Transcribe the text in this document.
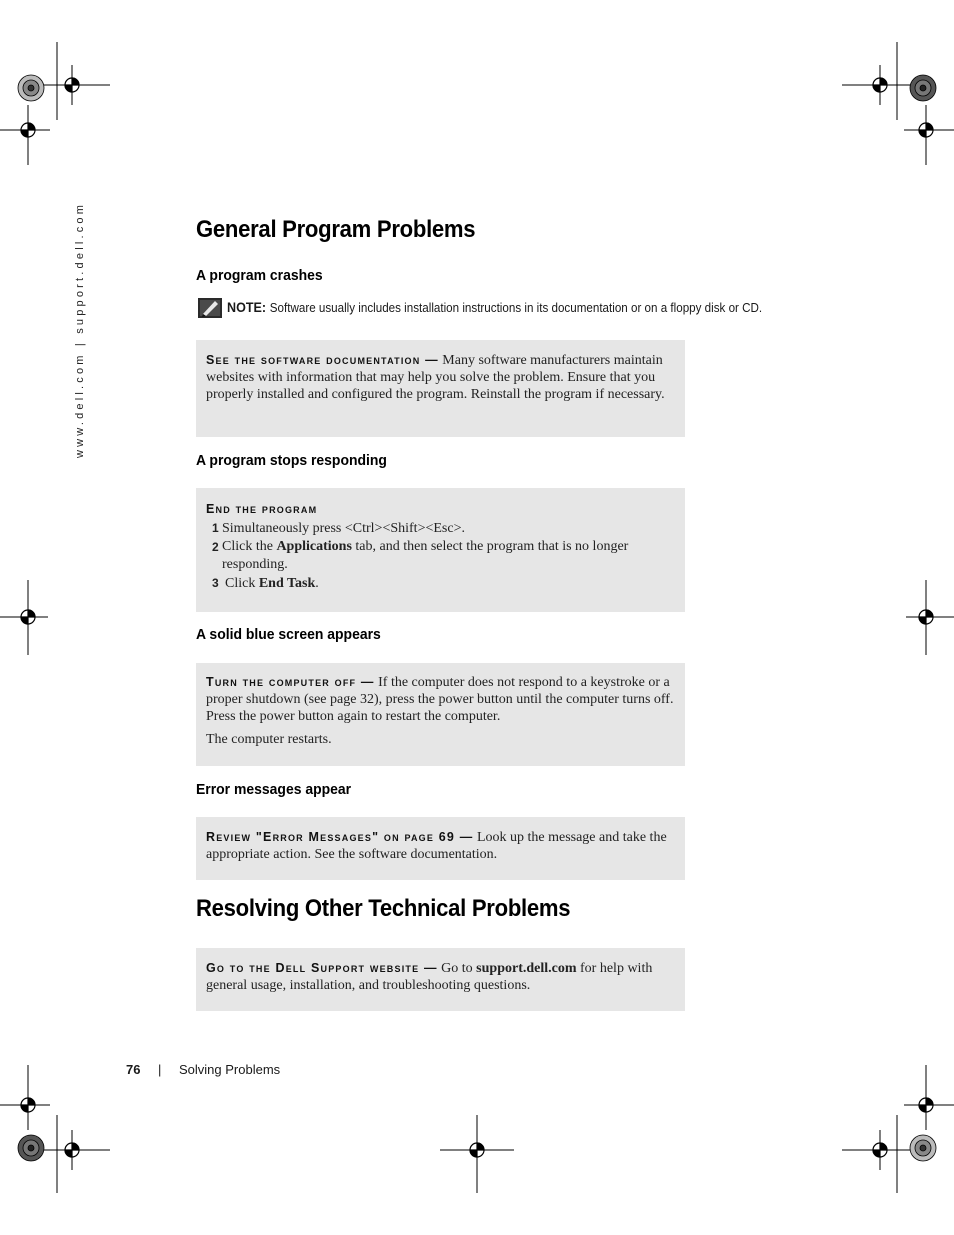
www.dell.com | support.dell.com	General Program Problems
A program crashes
NOTE: Software usually includes installation instructions in its documentation or on a floppy disk or CD.

See the software documentation — Many software manufacturers maintain websites with information that may help you solve the problem. Ensure that you properly installed and configured the program. Reinstall the program if necessary.

A program stops responding

End the program

1 Simultaneously press <Ctrl><Shift><Esc>.
2 Click the Applications tab, and then select the program that is no longer responding.
3 Click End Task.
A solid blue screen appears

Turn the computer off — If the computer does not respond to a keystroke or a proper shutdown (see page 32), press the power button until the computer turns off. Press the power button again to restart the computer.

The computer restarts.

Error messages appear

Review "Error Messages" on page 69 — Look up the message and take the appropriate action. See the software documentation.

Resolving Other Technical Problems

Go to the Dell Support website — Go to support.dell.com for help with general usage, installation, and troubleshooting questions.

76 | Solving Problems
